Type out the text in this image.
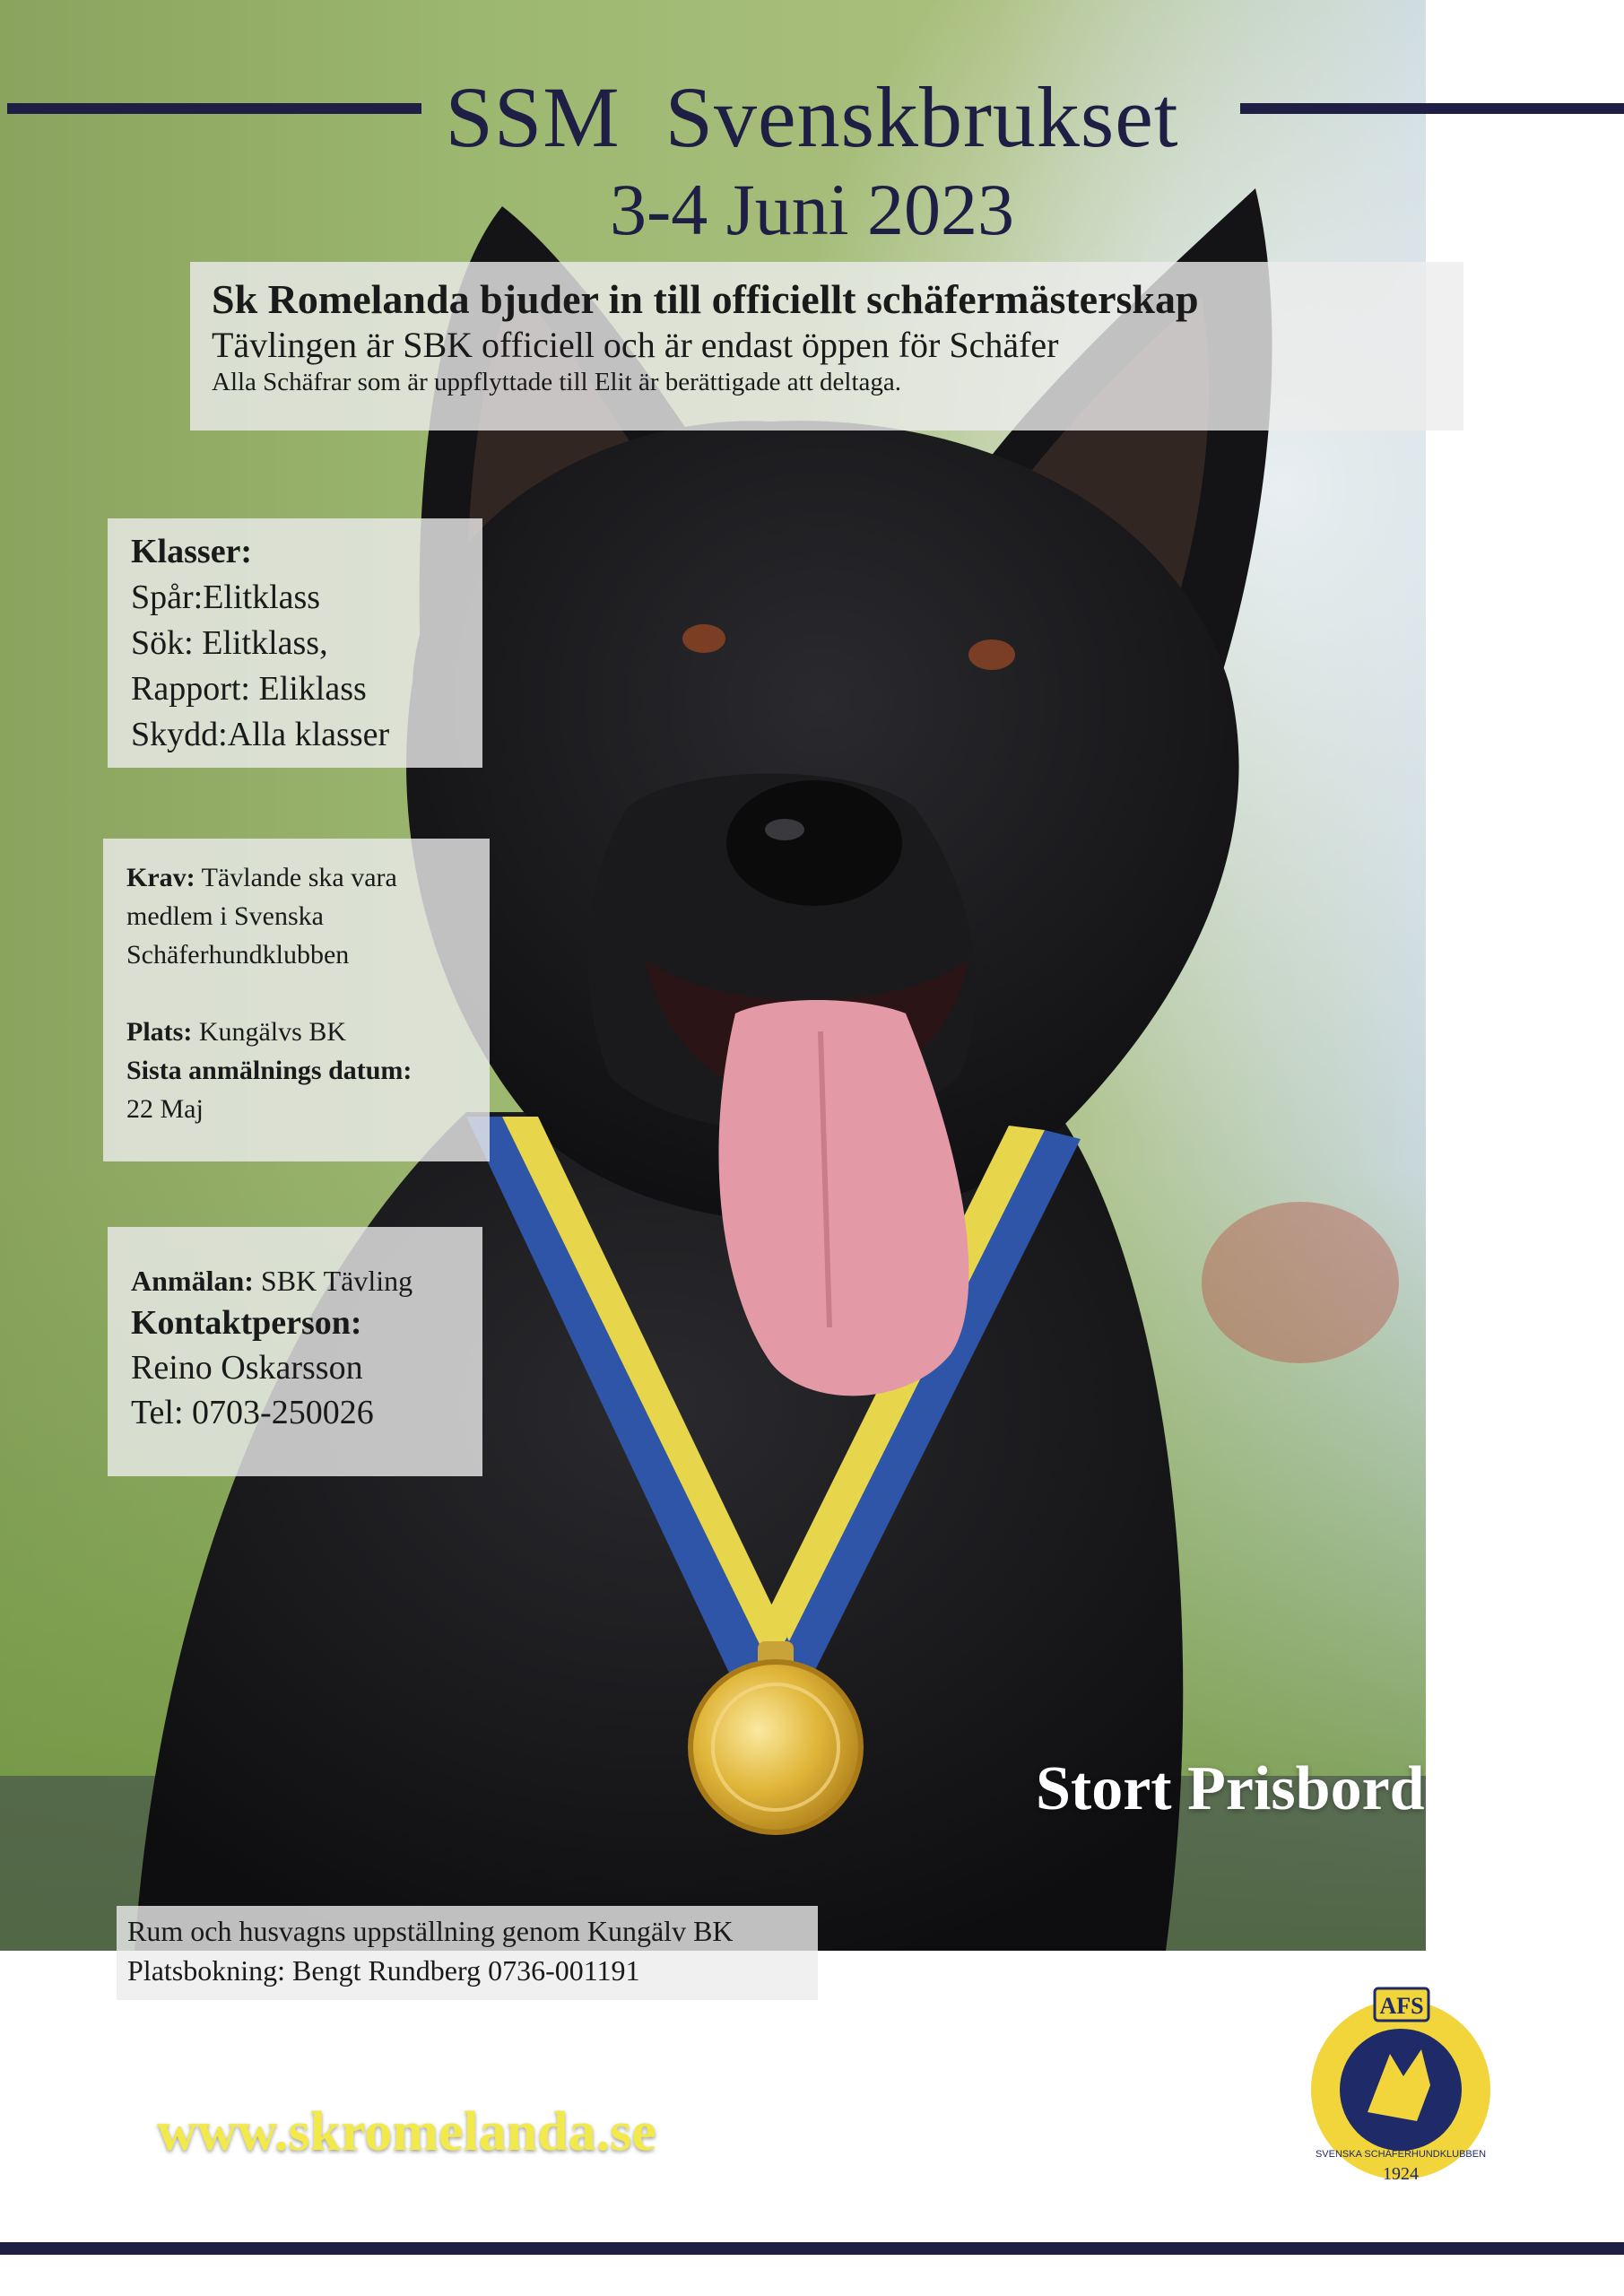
SSM  Svenskbrukset
3-4 Juni 2023
Sk Romelanda bjuder in till officiellt schäfermästerskap
Tävlingen är SBK officiell och är endast öppen för Schäfer
Alla Schäfrar som är uppflyttade till Elit är berättigade att deltaga.
Klasser:
Spår:Elitklass
Sök: Elitklass,
Rapport: Eliklass
Skydd:Alla klasser
Krav: Tävlande ska vara
medlem i Svenska
Schäferhundklubben
Plats: Kungälvs BK
Sista anmälnings datum:
22 Maj
Anmälan: SBK Tävling
Kontaktperson:
Reino Oskarsson
Tel: 0703-250026
Stort Prisbord
Rum och husvagns uppställning genom Kungälv BK
Platsbokning: Bengt Rundberg 0736-001191
www.skromelanda.se
AFS
1924
SVENSKA SCHÄFERHUNDKLUBBEN
